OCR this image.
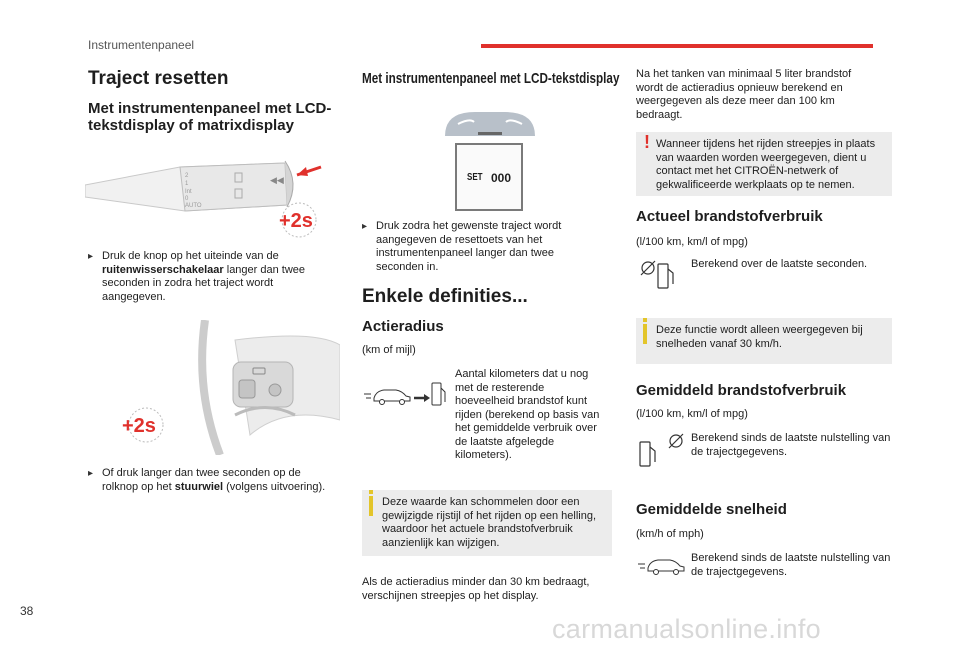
Instrumentenpaneel
Traject resetten
Met instrumentenpaneel met LCD-tekstdisplay of matrixdisplay
2
1
Int
0
AUTO
◀◀
+2s
▸ Druk de knop op het uiteinde van de ruitenwisserschakelaar langer dan twee seconden in zodra het traject wordt aangegeven.
+2s
▸ Of druk langer dan twee seconden op de rolknop op het stuurwiel (volgens uitvoering).
Met instrumentenpaneel met LCD-tekstdisplay
SET 000
▸ Druk zodra het gewenste traject wordt aangegeven de resettoets van het instrumentenpaneel langer dan twee seconden in.
Enkele definities...
Actieradius
(km of mijl)
Aantal kilometers dat u nog met de resterende hoeveelheid brandstof kunt rijden (berekend op basis van het gemiddelde verbruik over de laatste afgelegde kilometers).
Deze waarde kan schommelen door een gewijzigde rijstijl of het rijden op een helling, waardoor het actuele brandstofverbruik aanzienlijk kan wijzigen.
Als de actieradius minder dan 30 km bedraagt, verschijnen streepjes op het display.
Na het tanken van minimaal 5 liter brandstof wordt de actieradius opnieuw berekend en weergegeven als deze meer dan 100 km bedraagt.
! Wanneer tijdens het rijden streepjes in plaats van waarden worden weergegeven, dient u contact met het CITROËN-netwerk of gekwalificeerde werkplaats op te nemen.
Actueel brandstofverbruik
(l/100 km, km/l of mpg)
Berekend over de laatste seconden.
Deze functie wordt alleen weergegeven bij snelheden vanaf 30 km/h.
Gemiddeld brandstofverbruik
(l/100 km, km/l of mpg)
Berekend sinds de laatste nulstelling van de trajectgegevens.
Gemiddelde snelheid
(km/h of mph)
Berekend sinds de laatste nulstelling van de trajectgegevens.
38
carmanualsonline.info
